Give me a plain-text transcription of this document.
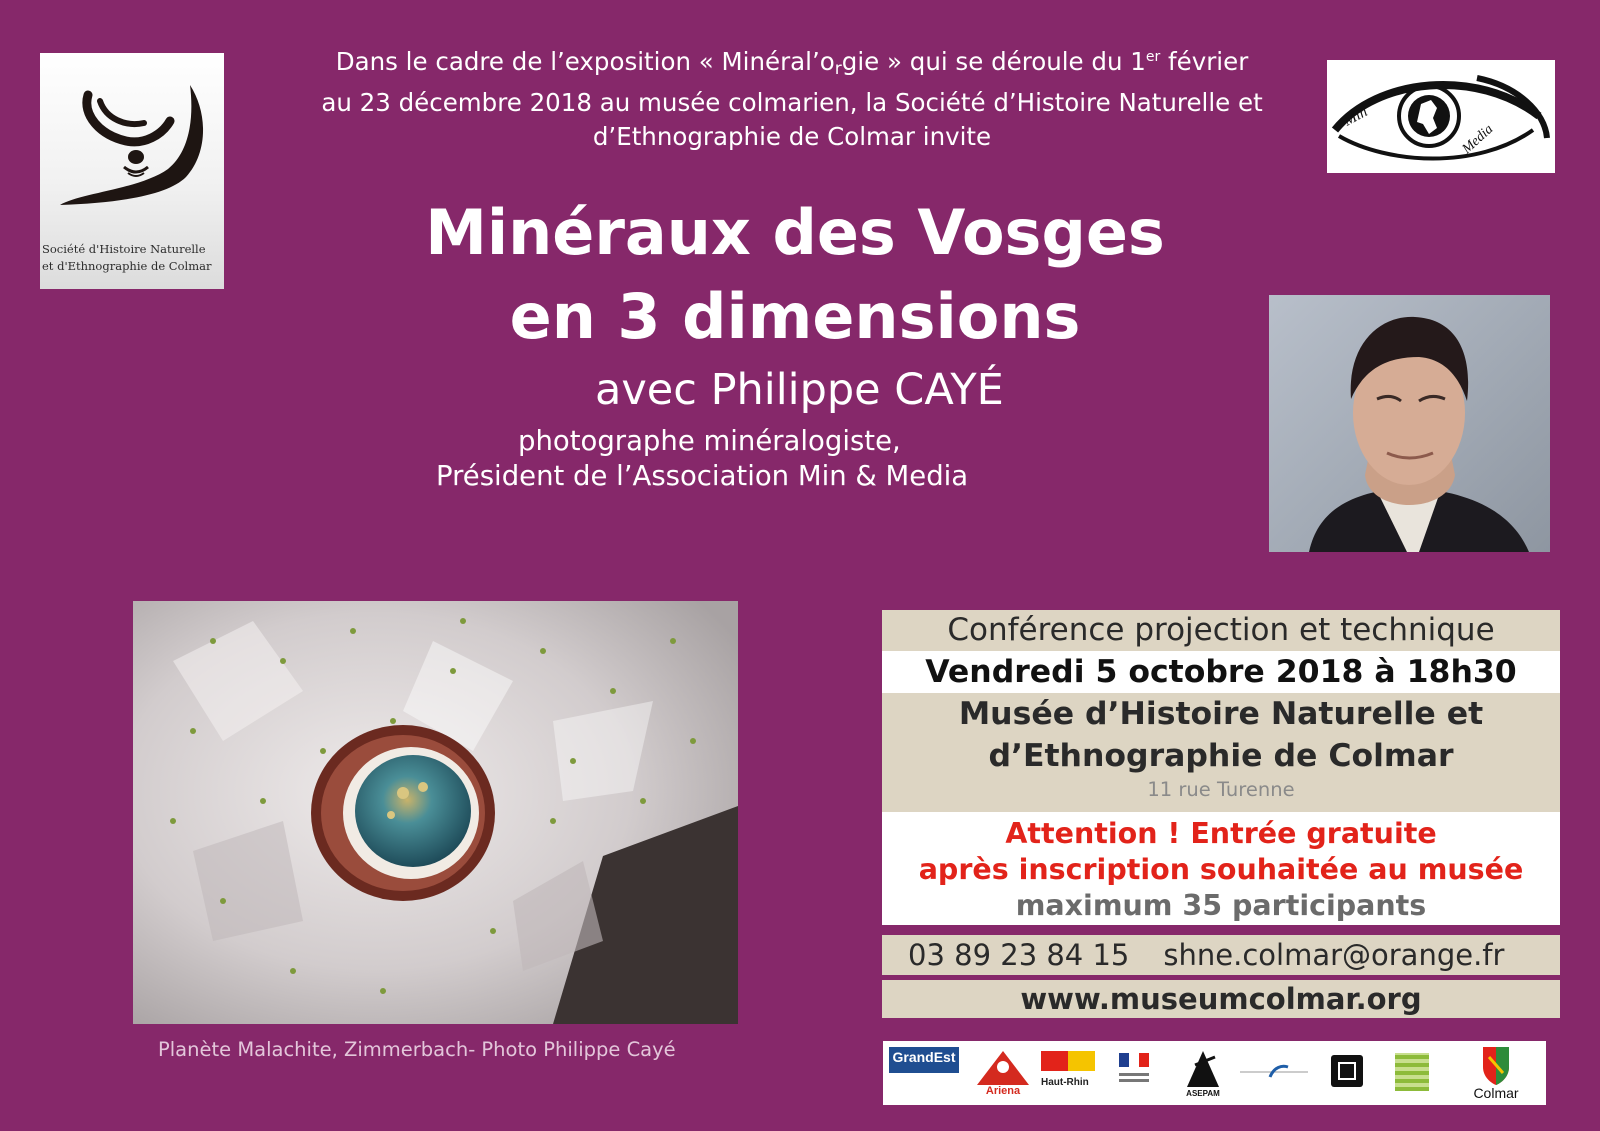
Société d'Histoire Naturelle
et d'Ethnographie de Colmar
Min
Media
Dans le cadre de l’exposition « Minéral’orgie » qui se déroule du 1er février
au 23 décembre 2018 au musée colmarien, la Société d’Histoire Naturelle et
d’Ethnographie de Colmar invite
Minéraux des Vosges
en 3 dimensions
avec Philippe CAYÉ
photographe minéralogiste,
Président de l’Association Min & Media
Planète Malachite, Zimmerbach- Photo Philippe Cayé
Conférence projection et technique
Vendredi 5 octobre 2018 à 18h30
Musée d’Histoire Naturelle et
d’Ethnographie de Colmar
11 rue Turenne
Attention ! Entrée gratuite
après inscription souhaitée au musée
maximum 35 participants
03 89 23 84 15 shne.colmar@orange.fr
www.museumcolmar.org
GrandEst
Ariena
Haut-Rhin
ASEPAM	Colmar
